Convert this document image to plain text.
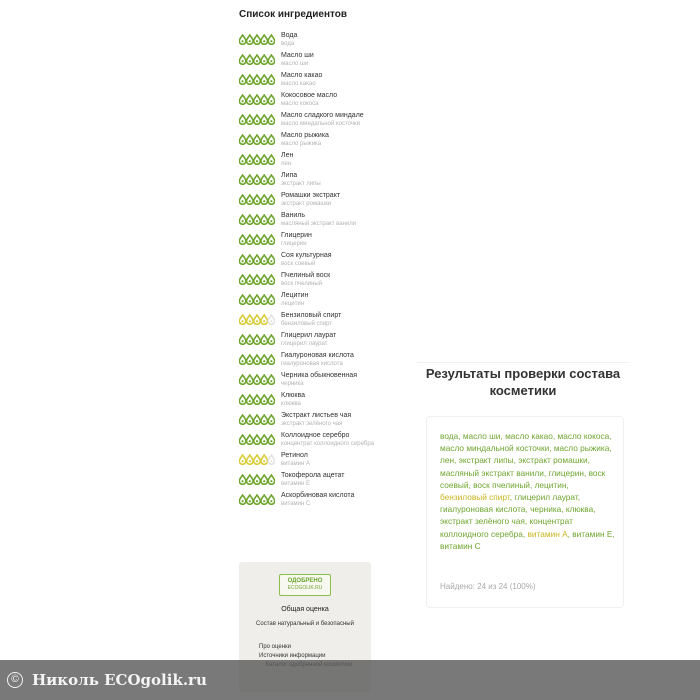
Список ингредиентов
Вода
вода
Масло ши
масло ши
Масло какао
масло какао
Кокосовое масло
масло кокоса
Масло сладкого миндале
масло миндальной косточки
Масло рыжика
масло рыжика
Лен
лен
Липа
экстракт липы
Ромашки экстракт
экстракт ромашки
Ваниль
масляный экстракт ванили
Глицерин
глицерин
Соя культурная
воск соевый
Пчелиный воск
воск пчелиный
Лецитин
лецитин
Бензиловый спирт
бензиловый спирт
Глицерил лаурат
глицерил лаурат
Гиалуроновая кислота
гиалуроновая кислота
Черника обыкновенная
черника
Клюква
клюква
Экстракт листьев чая
экстракт зелёного чая
Коллоидное серебро
концентрат коллоидного серебра
Ретинол
витамин А
Токоферола ацетат
витамин Е
Аскорбиновая кислота
витамин С
ОДОБРЕНО
ECOGOLIK.RU
Общая оценка
Состав натуральный и безопасный
Про оценки
Источники информации
Результаты проверки состава косметики

вода, масло ши, масло какао, масло кокоса, масло миндальной косточки, масло рыжика, лен, экстракт липы, экстракт ромашки, масляный экстракт ванили, глицерин, воск соевый, воск пчелиный, лецитин, бензиловый спирт, глицерил лаурат, гиалуроновая кислота, черника, клюква, экстракт зелёного чая, концентрат коллоидного серебра, витамин А, витамин Е, витамин С

Найдено: 24 из 24 (100%)
© Николь ECOgolik.ru
